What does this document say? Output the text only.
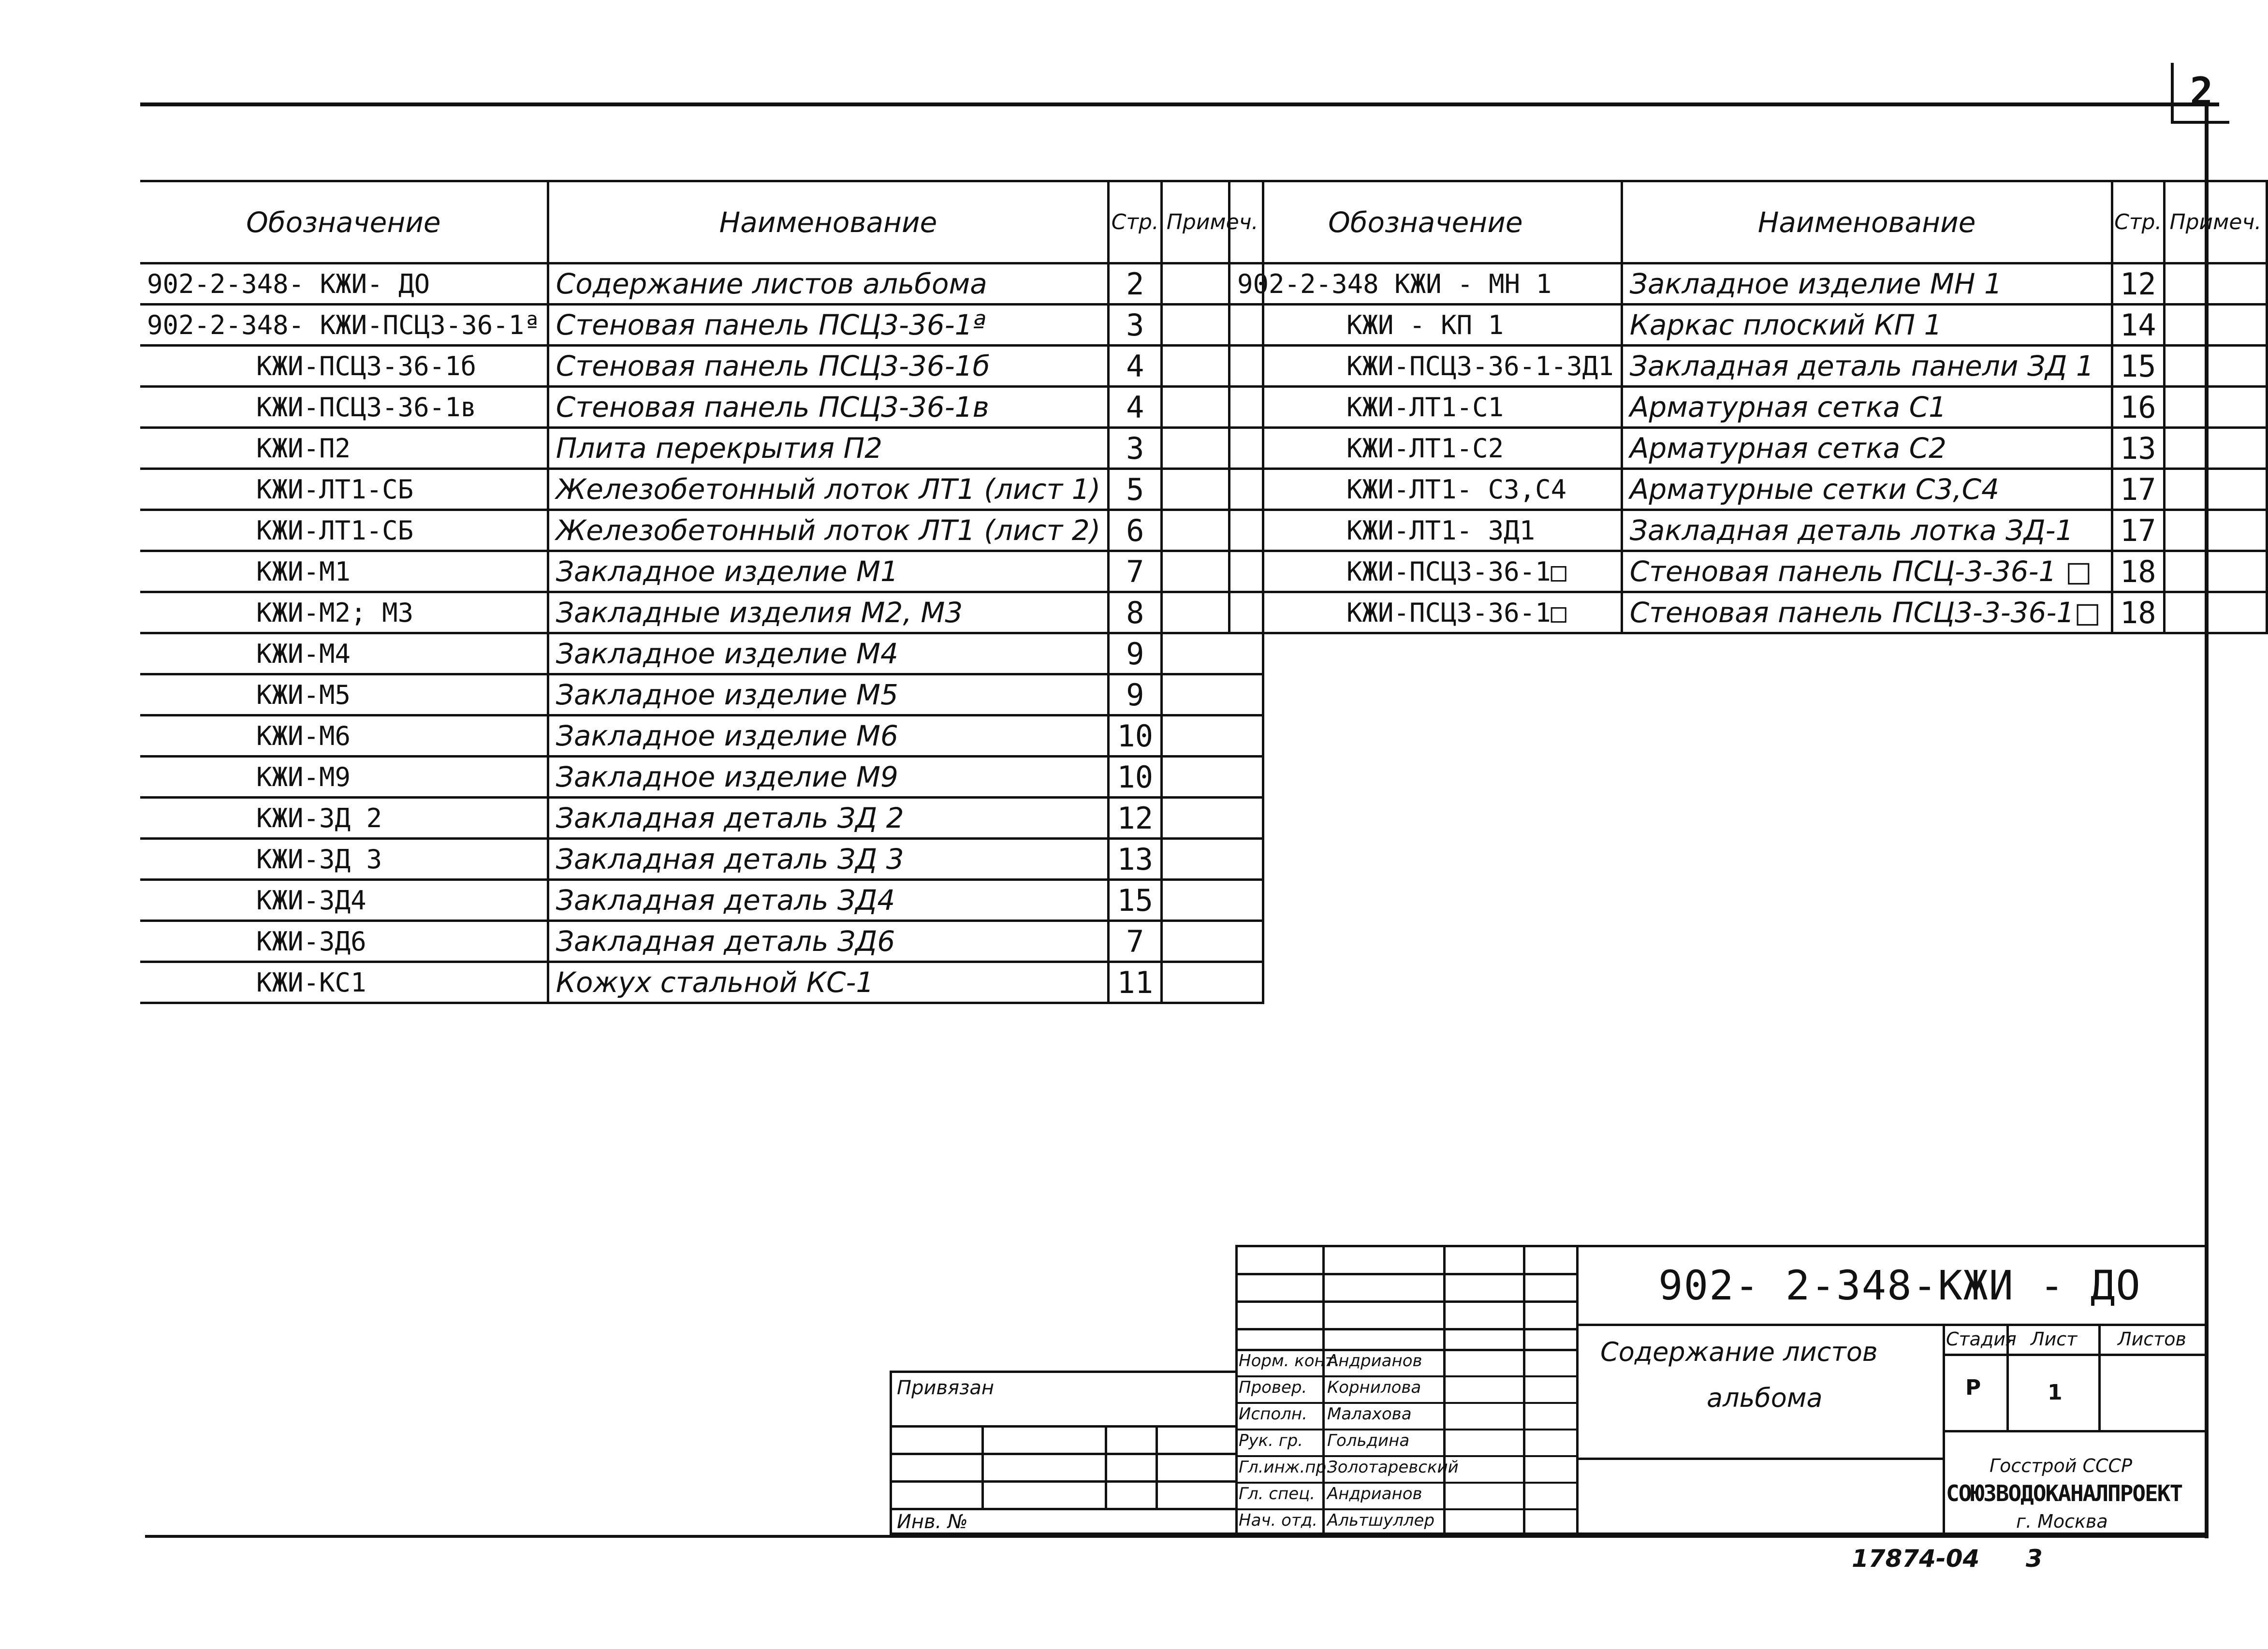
2
Обозначение	Наименование	Стр.	Примеч.
902-2-348- КЖИ- ДО	Содержание листов альбома	2	
902-2-348- КЖИ-ПСЦ3-36-1ª	Стеновая панель ПСЦ3-36-1ª	3	
КЖИ-ПСЦ3-36-1б	Стеновая панель ПСЦ3-36-1б	4	
КЖИ-ПСЦ3-36-1в	Стеновая панель ПСЦ3-36-1в	4	
КЖИ-П2	Плита перекрытия П2	3	
КЖИ-ЛТ1-СБ	Железобетонный лоток ЛТ1 (лист 1)	5	
КЖИ-ЛТ1-СБ	Железобетонный лоток ЛТ1 (лист 2)	6	
КЖИ-М1	Закладное изделие М1	7	
КЖИ-М2; М3	Закладные изделия М2, М3	8	
КЖИ-М4	Закладное изделие М4	9	
КЖИ-М5	Закладное изделие М5	9	
КЖИ-М6	Закладное изделие М6	10	
КЖИ-М9	Закладное изделие М9	10	
КЖИ-ЗД 2	Закладная деталь ЗД 2	12	
КЖИ-ЗД 3	Закладная деталь ЗД 3	13	
КЖИ-ЗД4	Закладная деталь ЗД4	15	
КЖИ-ЗД6	Закладная деталь ЗД6	7	
КЖИ-КС1	Кожух стальной КС-1	11	
Обозначение	Наименование	Стр.	Примеч.
902-2-348 КЖИ - МН 1	Закладное изделие МН 1	12	
КЖИ - КП 1	Каркас плоский КП 1	14	
КЖИ-ПСЦ3-36-1-ЗД1	Закладная деталь панели ЗД 1	15	
КЖИ-ЛТ1-С1	Арматурная сетка С1	16	
КЖИ-ЛТ1-С2	Арматурная сетка С2	13	
КЖИ-ЛТ1- С3,С4	Арматурные сетки С3,С4	17	
КЖИ-ЛТ1- ЗД1	Закладная деталь лотка ЗД-1	17	
КЖИ-ПСЦ3-36-1□	Стеновая панель ПСЦ-3-36-1 □	18	
КЖИ-ПСЦ3-36-1□	Стеновая панель ПСЦ3-3-36-1□	18	
Привязан
Инв. №
Норм. конт.
Андрианов
Провер. Корнилова
Исполн. Малахова
Рук. гр. Гольдина
Гл.инж.пр.
Золотаревский
Гл. спец. Андрианов
Нач. отд. Альтшуллер
902- 2-348-КЖИ - ДО
Содержание листов
альбома
Стадия Лист Листов
Р	1
Госстрой СССР
СОЮЗВОДОКАНАЛПРОЕКТ
г. Москва
17874-04 3
